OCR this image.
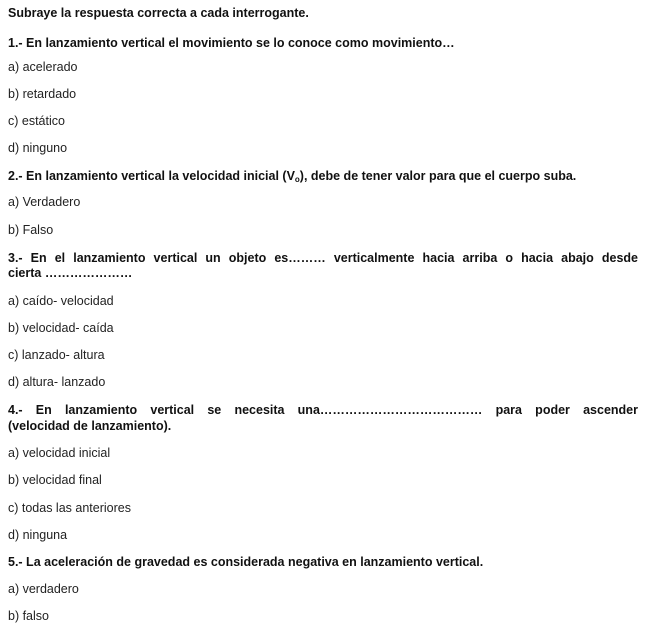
Subraye la respuesta correcta a cada interrogante.
1.- En lanzamiento vertical el movimiento se lo conoce como movimiento…
a) acelerado
b) retardado
c) estático
d) ninguno
2.- En lanzamiento vertical la velocidad inicial $(V_o)$, debe de tener valor para que el cuerpo suba.
a) Verdadero
b) Falso
3.- En el lanzamiento vertical un objeto es……… verticalmente hacia arriba o hacia abajo desde
cierta …………………
a) caído- velocidad
b) velocidad- caída
c) lanzado- altura
d) altura- lanzado
4.- En lanzamiento vertical se necesita una………………………………… para poder ascender
(velocidad de lanzamiento).
a) velocidad inicial
b) velocidad final
c) todas las anteriores
d) ninguna
5.- La aceleración de gravedad es considerada negativa en lanzamiento vertical.
a) verdadero
b) falso
